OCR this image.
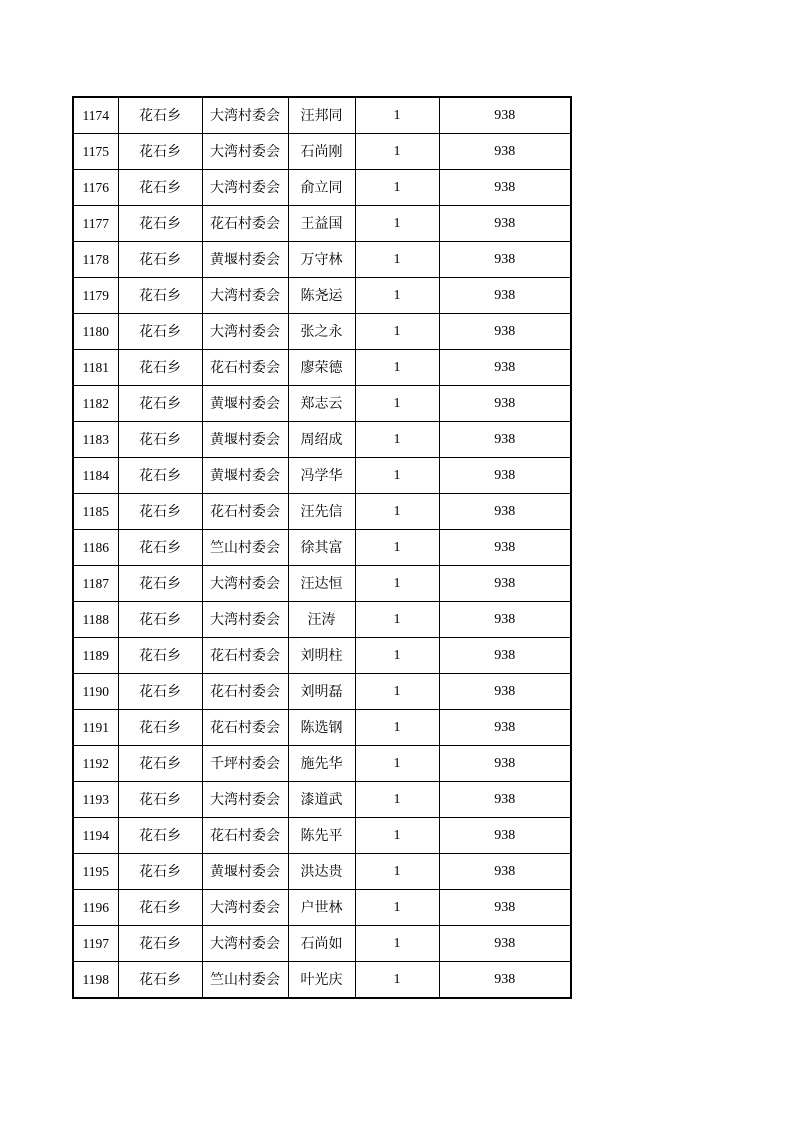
1174	花石乡	大湾村委会	汪邦同	1	938
1175	花石乡	大湾村委会	石尚刚	1	938
1176	花石乡	大湾村委会	俞立同	1	938
1177	花石乡	花石村委会	王益国	1	938
1178	花石乡	黄堰村委会	万守林	1	938
1179	花石乡	大湾村委会	陈尧运	1	938
1180	花石乡	大湾村委会	张之永	1	938
1181	花石乡	花石村委会	廖荣德	1	938
1182	花石乡	黄堰村委会	郑志云	1	938
1183	花石乡	黄堰村委会	周绍成	1	938
1184	花石乡	黄堰村委会	冯学华	1	938
1185	花石乡	花石村委会	汪先信	1	938
1186	花石乡	竺山村委会	徐其富	1	938
1187	花石乡	大湾村委会	汪达恒	1	938
1188	花石乡	大湾村委会	汪涛	1	938
1189	花石乡	花石村委会	刘明柱	1	938
1190	花石乡	花石村委会	刘明磊	1	938
1191	花石乡	花石村委会	陈选钢	1	938
1192	花石乡	千坪村委会	施先华	1	938
1193	花石乡	大湾村委会	漆道武	1	938
1194	花石乡	花石村委会	陈先平	1	938
1195	花石乡	黄堰村委会	洪达贵	1	938
1196	花石乡	大湾村委会	户世林	1	938
1197	花石乡	大湾村委会	石尚如	1	938
1198	花石乡	竺山村委会	叶光庆	1	938
